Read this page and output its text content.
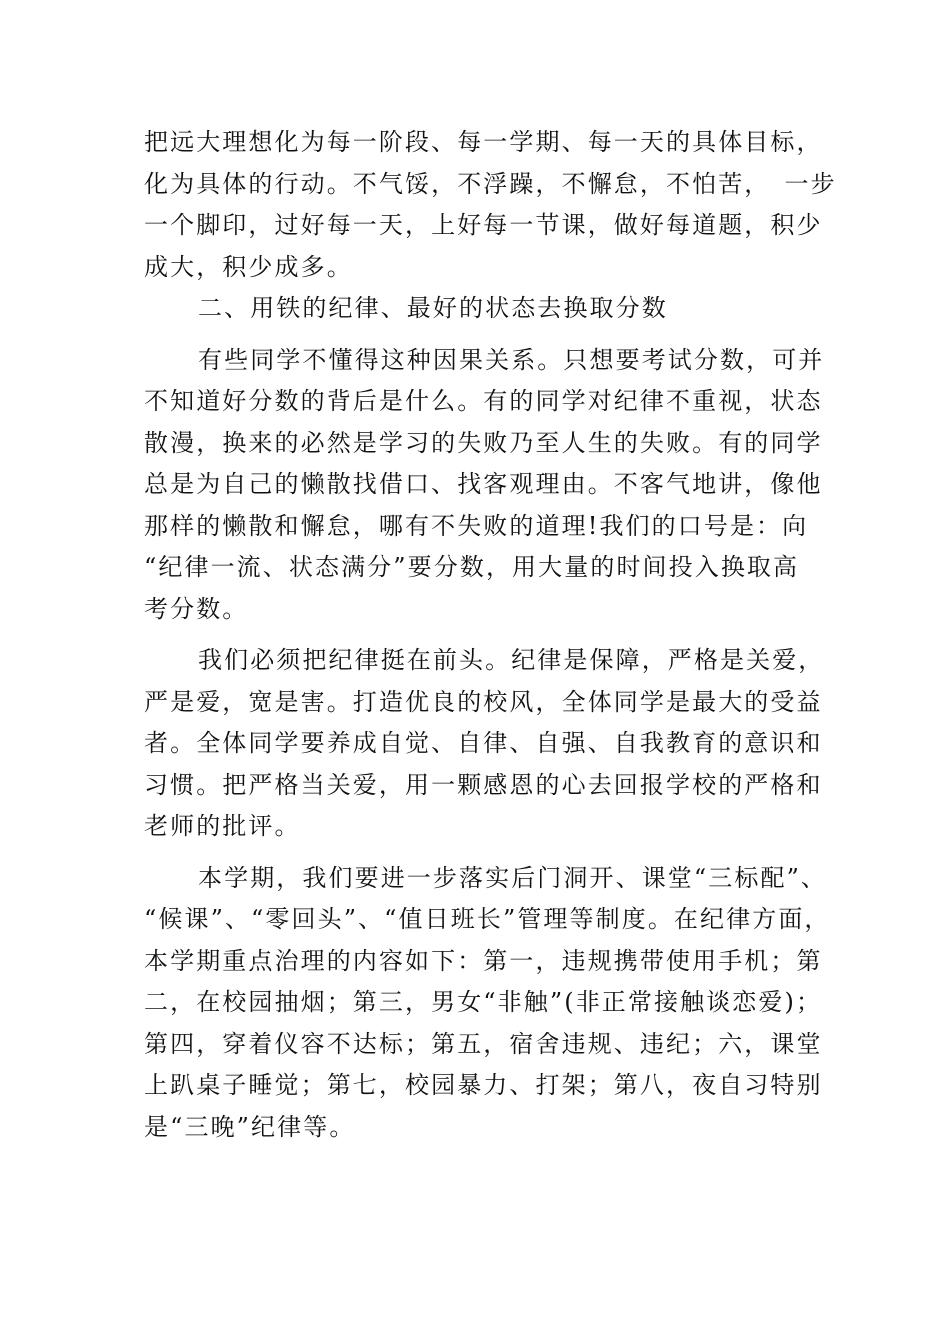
把远大理想化为每一阶段、每一学期、每一天的具体目标，
化为具体的行动。不气馁，不浮躁，不懈怠，不怕苦，　一步
一个脚印，过好每一天，上好每一节课，做好每道题，积少
成大，积少成多。

二、用铁的纪律、最好的状态去换取分数

有些同学不懂得这种因果关系。只想要考试分数，可并
不知道好分数的背后是什么。有的同学对纪律不重视，状态
散漫，换来的必然是学习的失败乃至人生的失败。有的同学
总是为自己的懒散找借口、找客观理由。不客气地讲，像他
那样的懒散和懈怠，哪有不失败的道理!我们的口号是：向
“纪律一流、状态满分”要分数，用大量的时间投入换取高
考分数。

我们必须把纪律挺在前头。纪律是保障，严格是关爱，
严是爱，宽是害。打造优良的校风，全体同学是最大的受益
者。全体同学要养成自觉、自律、自强、自我教育的意识和
习惯。把严格当关爱，用一颗感恩的心去回报学校的严格和
老师的批评。

本学期，我们要进一步落实后门洞开、课堂“三标配”、
“候课”、“零回头”、“值日班长”管理等制度。在纪律方面，
本学期重点治理的内容如下：第一，违规携带使用手机；第
二，在校园抽烟；第三，男女“非触”(非正常接触谈恋爱)；
第四，穿着仪容不达标；第五，宿舍违规、违纪；六，课堂
上趴桌子睡觉；第七，校园暴力、打架；第八，夜自习特别
是“三晚”纪律等。
